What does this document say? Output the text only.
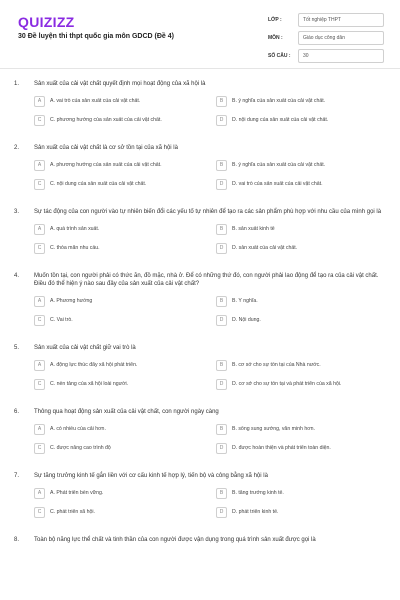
QUIZIZZ
30 Đề luyện thi thpt quốc gia môn GDCD (Đề 4)
LỚP :	Tốt nghiệp THPT
MÔN :	Giáo dục công dân
SỐ CÂU :	30
1.	Sản xuất của cải vật chất quyết định mọi hoạt động của xã hội là
A	A. vai trò của sản xuất của cải vật chất.	B	B. ý nghĩa của sản xuất của cải vật chất.
C	C. phương hướng của sản xuất của cải vật chất.	D	D. nội dung của sản xuất của cải vật chất.
2.	Sản xuất của cải vật chất là cơ sở tồn tại của xã hội là
A	A. phương hướng của sản xuất của cải vật chất.	B	B. ý nghĩa của sản xuất của cải vật chất.
C	C. nội dung của sản xuất của cải vật chất.	D	D. vai trò của sản xuất của cải vật chất.
3.	Sự tác động của con người vào tự nhiên biến đổi các yếu tố tự nhiên để tạo ra các sản phẩm phù hợp với nhu cầu của mình gọi là
A	A. quá trình sản xuất.	B	B. sản xuất kinh tế
C	C. thỏa mãn nhu cầu.	D	D. sản xuất của cải vật chất.
4.	Muốn tồn tại, con người phải có thức ăn, đồ mặc, nhà ở. Để có những thứ đó, con người phải lao động để tạo ra của cải vật chất. Điều đó thể hiện ý nào sau đây của sản xuất của cải vật chất?
A	A. Phương hướng	B	B. Ý nghĩa.
C	C. Vai trò.	D	D. Nội dung.
5.	Sản xuất của cải vật chất giữ vai trò là
A	A. động lực thúc đẩy xã hội phát triển.	B	B. cơ sở cho sự tồn tại của Nhà nước.
C	C. nền tảng của xã hội loài người.	D	D. cơ sở cho sự tồn tại và phát triển của xã hội.
6.	Thông qua hoạt động sản xuất của cải vật chất, con người ngày càng
A	A. có nhiều của cải hơn.	B	B. sống sung sướng, văn minh hơn.
C	C. được nâng cao trình độ	D	D. được hoàn thiện và phát triển toàn diện.
7.	Sự tăng trưởng kinh tế gắn liền với cơ cấu kinh tế hợp lý, tiến bộ và công bằng xã hội là
A	A. Phát triển bền vững.	B	B. tăng trưởng kinh tế.
C	C. phát triển xã hội.	D	D. phát triển kinh tế.
8.	Toàn bộ năng lực thể chất và tinh thần của con người được vận dụng trong quá trình sản xuất được gọi là
